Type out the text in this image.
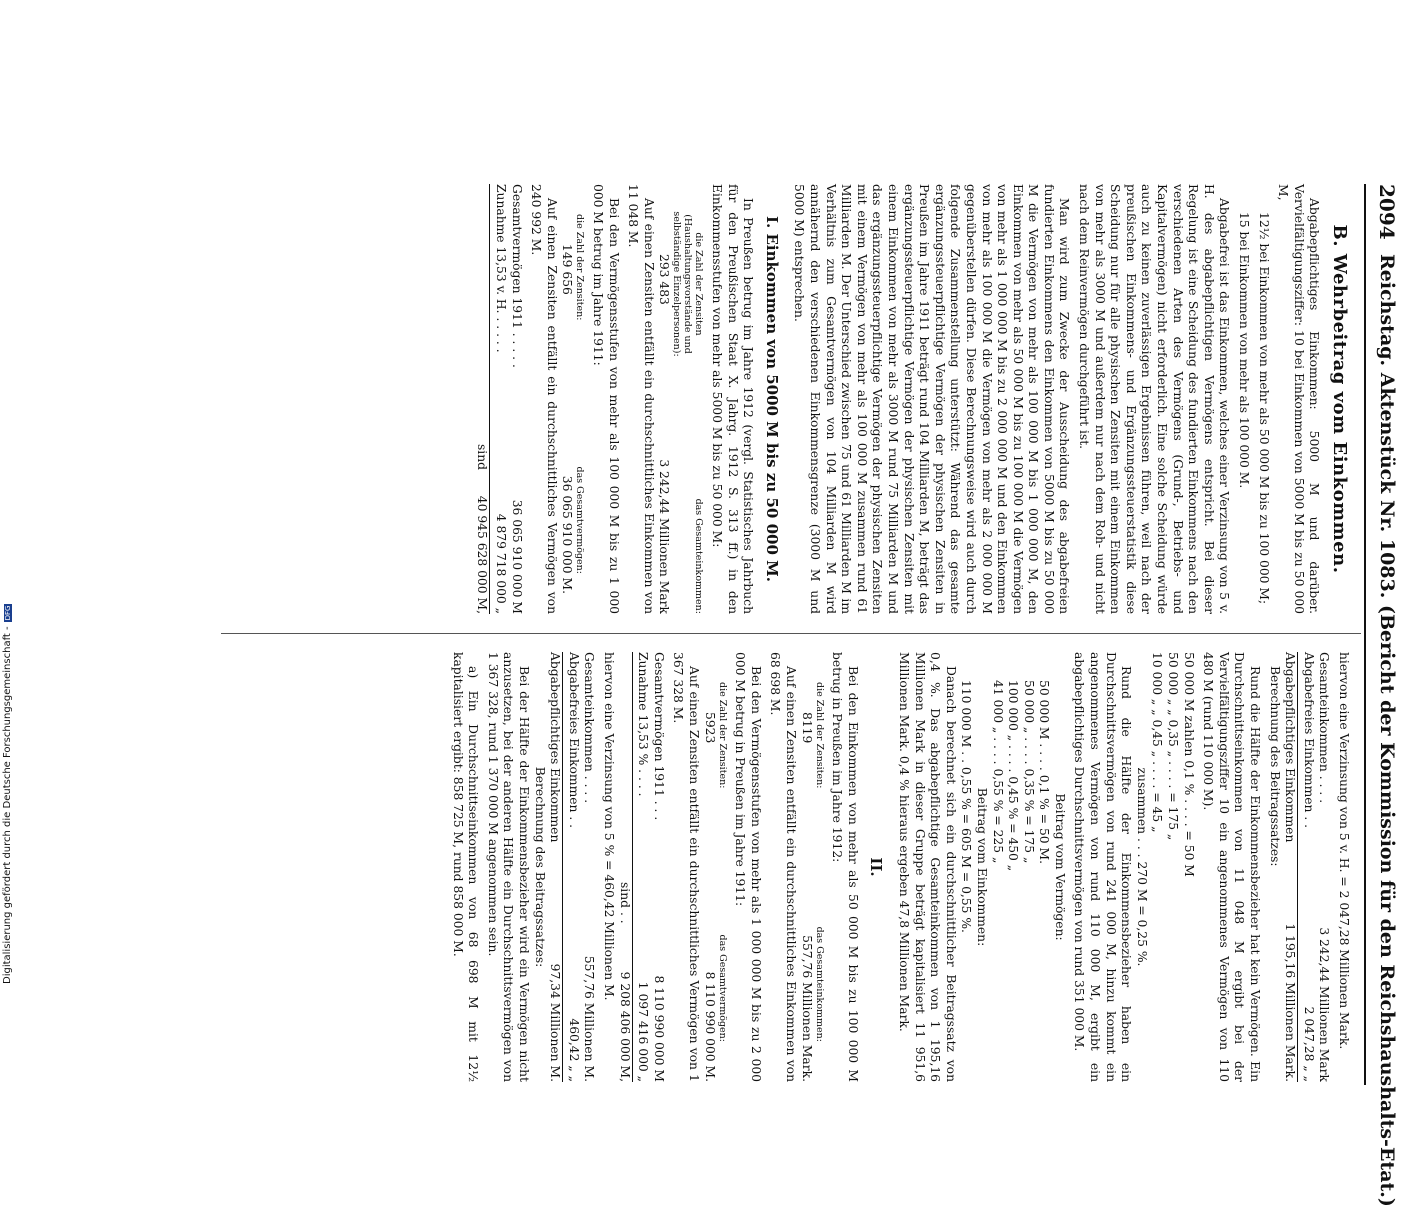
2094
Reichstag. Aktenstück Nr. 1083. (Bericht der Kommission für den Reichshaushalts-Etat.)
B. Wehrbeitrag vom Einkommen.

Abgabepflichtiges Einkommen: 5000 M und darüber. Vervielfältigungsziffer: 10 bei Einkommen von 5000 M bis zu 50 000 M,

12½ bei Einkommen von mehr als 50 000 M bis zu 100 000 M;

15 bei Einkommen von mehr als 100 000 M.

Abgabefrei ist das Einkommen, welches einer Verzinsung von 5 v. H. des abgabepflichtigen Vermögens entspricht. Bei dieser Regelung ist eine Scheidung des fundierten Einkommens nach den verschiedenen Arten des Vermögens (Grund-, Betriebs- und Kapitalvermögen) nicht erforderlich. Eine solche Scheidung würde auch zu keinen zuverlässigen Ergebnissen führen, weil nach der preußischen Einkommens- und Ergänzungssteuerstatistik diese Scheidung nur für alle physischen Zensiten mit einem Einkommen von mehr als 3000 M und außerdem nur nach dem Roh- und nicht nach dem Reinvermögen durchgeführt ist.

Man wird zum Zwecke der Ausscheidung des abgabefreien fundierten Einkommens den Einkommen von 5000 M bis zu 50 000 M die Vermögen von mehr als 100 000 M bis 1 000 000 M, den Einkommen von mehr als 50 000 M bis zu 100 000 M die Vermögen von mehr als 1 000 000 M bis zu 2 000 000 M und den Einkommen von mehr als 100 000 M die Vermögen von mehr als 2 000 000 M gegenüberstellen dürfen. Diese Berechnungsweise wird auch durch folgende Zusammenstellung unterstützt: Während das gesamte ergänzungssteuerpflichtige Vermögen der physischen Zensiten in Preußen im Jahre 1911 beträgt rund 104 Milliarden M, beträgt das ergänzungssteuerpflichtige Vermögen der physischen Zensiten mit einem Einkommen von mehr als 3000 M rund 75 Milliarden M und das ergänzungssteuerpflichtige Vermögen der physischen Zensiten mit einem Vermögen von mehr als 100 000 M zusammen rund 61 Milliarden M. Der Unterschied zwischen 75 und 61 Milliarden M im Verhältnis zum Gesamtvermögen von 104 Milliarden M wird annähernd den verschiedenen Einkommensgrenze (3000 M und 5000 M) entsprechen.

I. Einkommen von 5000 M bis zu 50 000 M.

In Preußen betrug im Jahre 1912 (vergl. Statistisches Jahrbuch für den Preußischen Staat X. Jahrg. 1912 S. 313 ff.) in den Einkommensstufen von mehr als 5000 M bis zu 50 000 M:

die Zahl der Zensiten (Haushaltungsvorstände und selbständige Einzelpersonen):
das Gesamteinkommen:
293 483
3 242,44 Millionen Mark

Auf einen Zensiten entfällt ein durchschnittliches Einkommen von 11 048 M.

Bei den Vermögensstufen von mehr als 100 000 M bis zu 1 000 000 M betrug im Jahre 1911:

die Zahl der Zensiten:
das Gesamtvermögen:
149 656
36 065 910 000 M.

Auf einen Zensiten entfällt ein durchschnittliches Vermögen von 240 992 M.

Gesamtvermögen 1911 . . . . .
36 065 910 000 M
Zunahme 13,53 v. H. . . . . .
4 879 718 000 „
sind
40 945 628 000 M,

hiervon eine Verzinsung von 5 v. H. = 2 047,28 Millionen Mark.

Gesamteinkommen . . . .
3 242,44 Millionen Mark
Abgabefreies Einkommen . .
2 047,28 „ „
Abgabepflichtiges Einkommen
1 195,16 Millionen Mark.

Berechnung des Beitragssatzes:

Rund die Hälfte der Einkommensbezieher hat kein Vermögen. Ein Durchschnittseinkommen von 11 048 M ergibt bei der Vervielfältigungsziffer 10 ein angenommenes Vermögen von 110 480 M (rund 110 000 M).

50 000 M zahlen 0,1 % . . . . = 50 M
50 000 „ „ 0,35 „ . . . . = 175 „
10 000 „ „ 0,45 „ . . . . = 45 „
zusammen . . . 270 M = 0,25 %.

Rund die Hälfte der Einkommensbezieher haben ein Durchschnittsvermögen von rund 241 000 M, hinzu kommt ein angenommenes Vermögen von rund 110 000 M, ergibt ein abgabepflichtiges Durchschnittsvermögen von rund 351 000 M.

Beitrag vom Vermögen:
50 000 M . . . . 0,1 % = 50 M.
50 000 „ . . . . 0,35 % = 175 „
100 000 „ . . . . 0,45 % = 450 „
41 000 „ . . . . 0,55 % = 225 „
Beitrag vom Einkommen:
110 000 M . . 0,55 % = 605 M = 0,55 %.

Danach berechnet sich ein durchschnittlicher Beitragssatz von 0,4 %. Das abgabepflichtige Gesamteinkommen von 1 195,16 Millionen Mark in dieser Gruppe beträgt kapitalisiert 11 951,6 Millionen Mark. 0,4 % hieraus ergeben 47,8 Millionen Mark.

II.

Bei den Einkommen von mehr als 50 000 M bis zu 100 000 M betrug in Preußen im Jahre 1912:

die Zahl der Zensiten:
das Gesamteinkommen:
8119
557,76 Millionen Mark.

Auf einen Zensiten entfällt ein durchschnittliches Einkommen von 68 698 M.

Bei den Vermögensstufen von mehr als 1 000 000 M bis zu 2 000 000 M betrug in Preußen im Jahre 1911:

die Zahl der Zensiten:
das Gesamtvermögen:
5923
8 110 990 000 M.

Auf einen Zensiten entfällt ein durchschnittliches Vermögen von 1 367 328 M.

Gesamtvermögen 1911 . . .
8 110 990 000 M
Zunahme 13,53 % . . . .
1 097 416 000 „
sind . .
9 208 406 000 M,

hiervon eine Verzinsung von 5 % = 460,42 Millionen M.

Gesamteinkommen . . . .
557,76 Millionen M.
Abgabefreies Einkommen . .
460,42 „ „
Abgabepflichtiges Einkommen
97,34 Millionen M.
Berechnung des Beitragssatzes:

Bei der Hälfte der Einkommensbezieher wird ein Vermögen nicht anzusetzen, bei der anderen Hälfte ein Durchschnittsvermögen von 1 367 328, rund 1 370 000 M angenommen sein.

a) Ein Durchschnittseinkommen von 68 698 M mit 12½ kapitalisiert ergibt: 858 725 M, rund 858 000 M.

Digitalisierung gefördert durch die Deutsche Forschungsgemeinschaft -DFG
